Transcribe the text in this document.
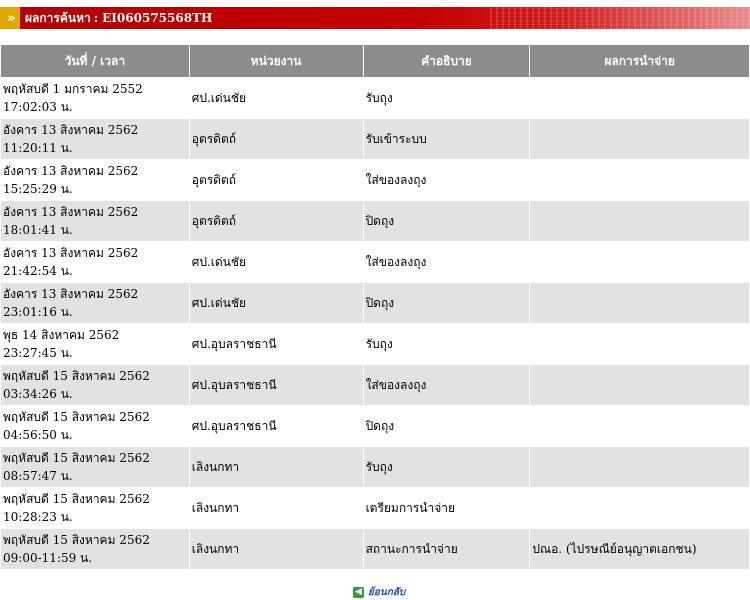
»	ผลการค้นหา : EI060575568TH
วันที่ / เวลา	หน่วยงาน	คำอธิบาย	ผลการนำจ่าย
พฤหัสบดี 1 มกราคม 2552
17:02:03 น.	ศป.เด่นชัย	รับถุง	
อังคาร 13 สิงหาคม 2562
11:20:11 น.	อุตรดิตถ์	รับเข้าระบบ	
อังคาร 13 สิงหาคม 2562
15:25:29 น.	อุตรดิตถ์	ใส่ของลงถุง	
อังคาร 13 สิงหาคม 2562
18:01:41 น.	อุตรดิตถ์	ปิดถุง	
อังคาร 13 สิงหาคม 2562
21:42:54 น.	ศป.เด่นชัย	ใส่ของลงถุง	
อังคาร 13 สิงหาคม 2562
23:01:16 น.	ศป.เด่นชัย	ปิดถุง	
พุธ 14 สิงหาคม 2562
23:27:45 น.	ศป.อุบลราชธานี	รับถุง	
พฤหัสบดี 15 สิงหาคม 2562
03:34:26 น.	ศป.อุบลราชธานี	ใส่ของลงถุง	
พฤหัสบดี 15 สิงหาคม 2562
04:56:50 น.	ศป.อุบลราชธานี	ปิดถุง	
พฤหัสบดี 15 สิงหาคม 2562
08:57:47 น.	เลิงนกทา	รับถุง	
พฤหัสบดี 15 สิงหาคม 2562
10:28:23 น.	เลิงนกทา	เตรียมการนำจ่าย	
พฤหัสบดี 15 สิงหาคม 2562
09:00-11:59 น.	เลิงนกทา	สถานะการนำจ่าย	ปณอ. (ไปรษณีย์อนุญาตเอกชน)
◀ ย้อนกลับ
